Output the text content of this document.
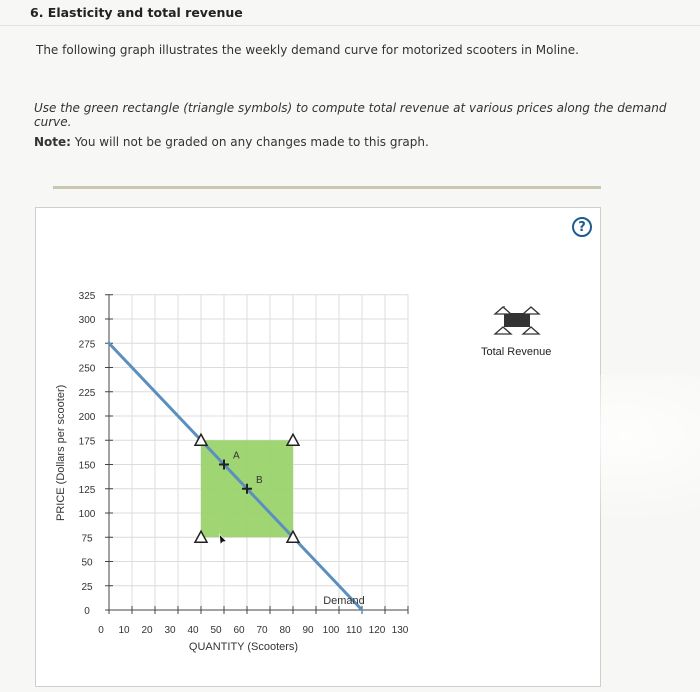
6. Elasticity and total revenue
The following graph illustrates the weekly demand curve for motorized scooters in Moline.
Use the green rectangle (triangle symbols) to compute total revenue at various prices along the demand curve.
Note: You will not be graded on any changes made to this graph.
0 10 20 30 40 50 60 70 80 90 100 110 120 130
0
25
50
75
100
125
150
175
200
225
250
275
300
325
QUANTITY (Scooters)
PRICE (Dollars per scooter)
Demand
A
B
?
Total Revenue
